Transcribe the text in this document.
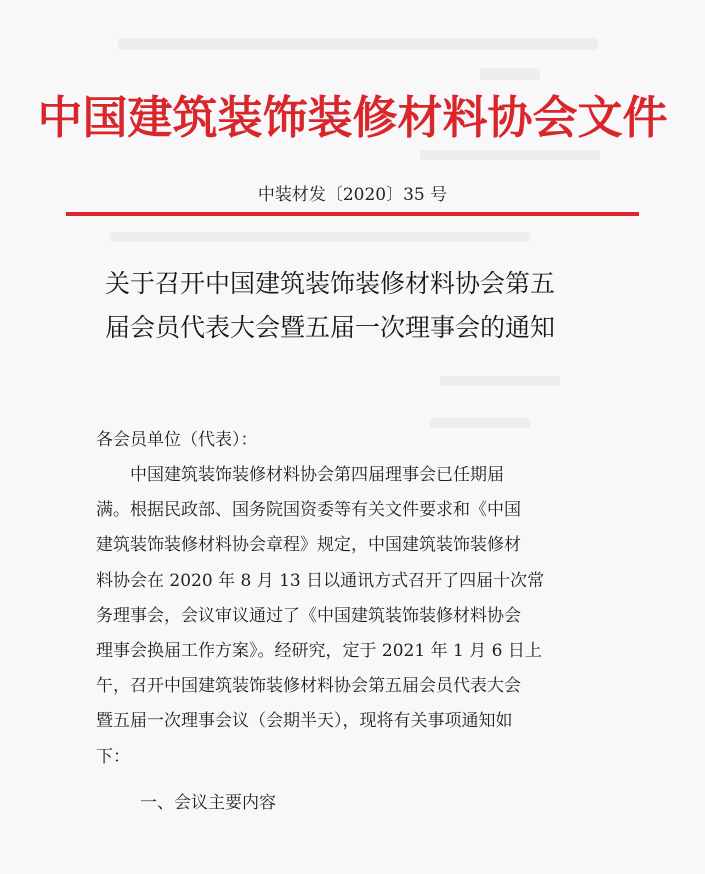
中国建筑装饰装修材料协会文件
中装材发〔2020〕35 号
关于召开中国建筑装饰装修材料协会第五
届会员代表大会暨五届一次理事会的通知
各会员单位（代表）：
　　中国建筑装饰装修材料协会第四届理事会已任期届
满。根据民政部、国务院国资委等有关文件要求和《中国
建筑装饰装修材料协会章程》规定，中国建筑装饰装修材
料协会在 2020 年 8 月 13 日以通讯方式召开了四届十次常
务理事会，会议审议通过了《中国建筑装饰装修材料协会
理事会换届工作方案》。经研究，定于 2021 年 1 月 6 日上
午，召开中国建筑装饰装修材料协会第五届会员代表大会
暨五届一次理事会议（会期半天），现将有关事项通知如
下：
一、会议主要内容
